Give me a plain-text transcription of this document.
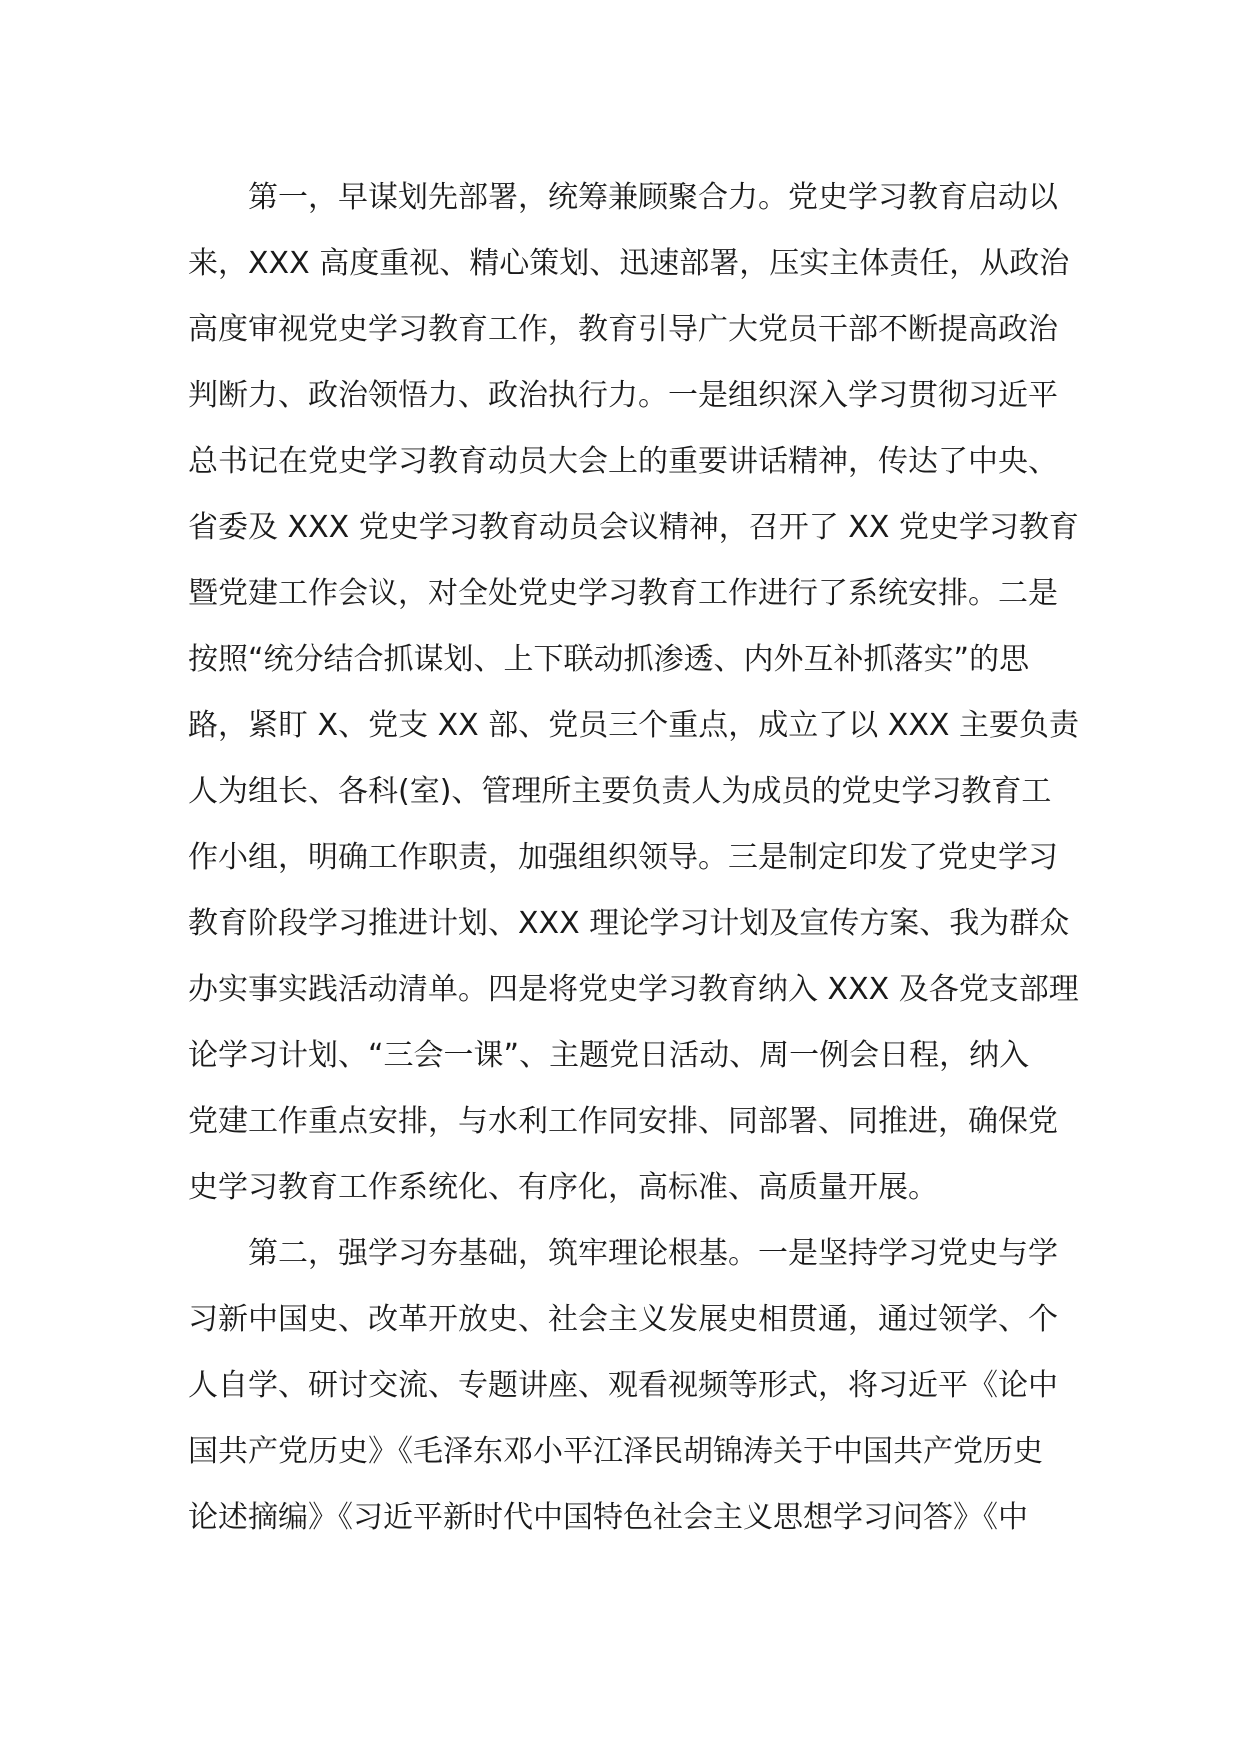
第一，早谋划先部署，统筹兼顾聚合力。党史学习教育启动以
来，XXX 高度重视、精心策划、迅速部署，压实主体责任，从政治
高度审视党史学习教育工作，教育引导广大党员干部不断提高政治
判断力、政治领悟力、政治执行力。一是组织深入学习贯彻习近平
总书记在党史学习教育动员大会上的重要讲话精神，传达了中央、
省委及 XXX 党史学习教育动员会议精神，召开了 XX 党史学习教育
暨党建工作会议，对全处党史学习教育工作进行了系统安排。二是
按照“统分结合抓谋划、上下联动抓渗透、内外互补抓落实”的思
路，紧盯 X、党支 XX 部、党员三个重点，成立了以 XXX 主要负责
人为组长、各科(室)、管理所主要负责人为成员的党史学习教育工
作小组，明确工作职责，加强组织领导。三是制定印发了党史学习
教育阶段学习推进计划、XXX 理论学习计划及宣传方案、我为群众
办实事实践活动清单。四是将党史学习教育纳入 XXX 及各党支部理
论学习计划、“三会一课”、主题党日活动、周一例会日程，纳入
党建工作重点安排，与水利工作同安排、同部署、同推进，确保党
史学习教育工作系统化、有序化，高标准、高质量开展。
第二，强学习夯基础，筑牢理论根基。一是坚持学习党史与学
习新中国史、改革开放史、社会主义发展史相贯通，通过领学、个
人自学、研讨交流、专题讲座、观看视频等形式，将习近平《论中
国共产党历史》《毛泽东邓小平江泽民胡锦涛关于中国共产党历史
论述摘编》《习近平新时代中国特色社会主义思想学习问答》《中
